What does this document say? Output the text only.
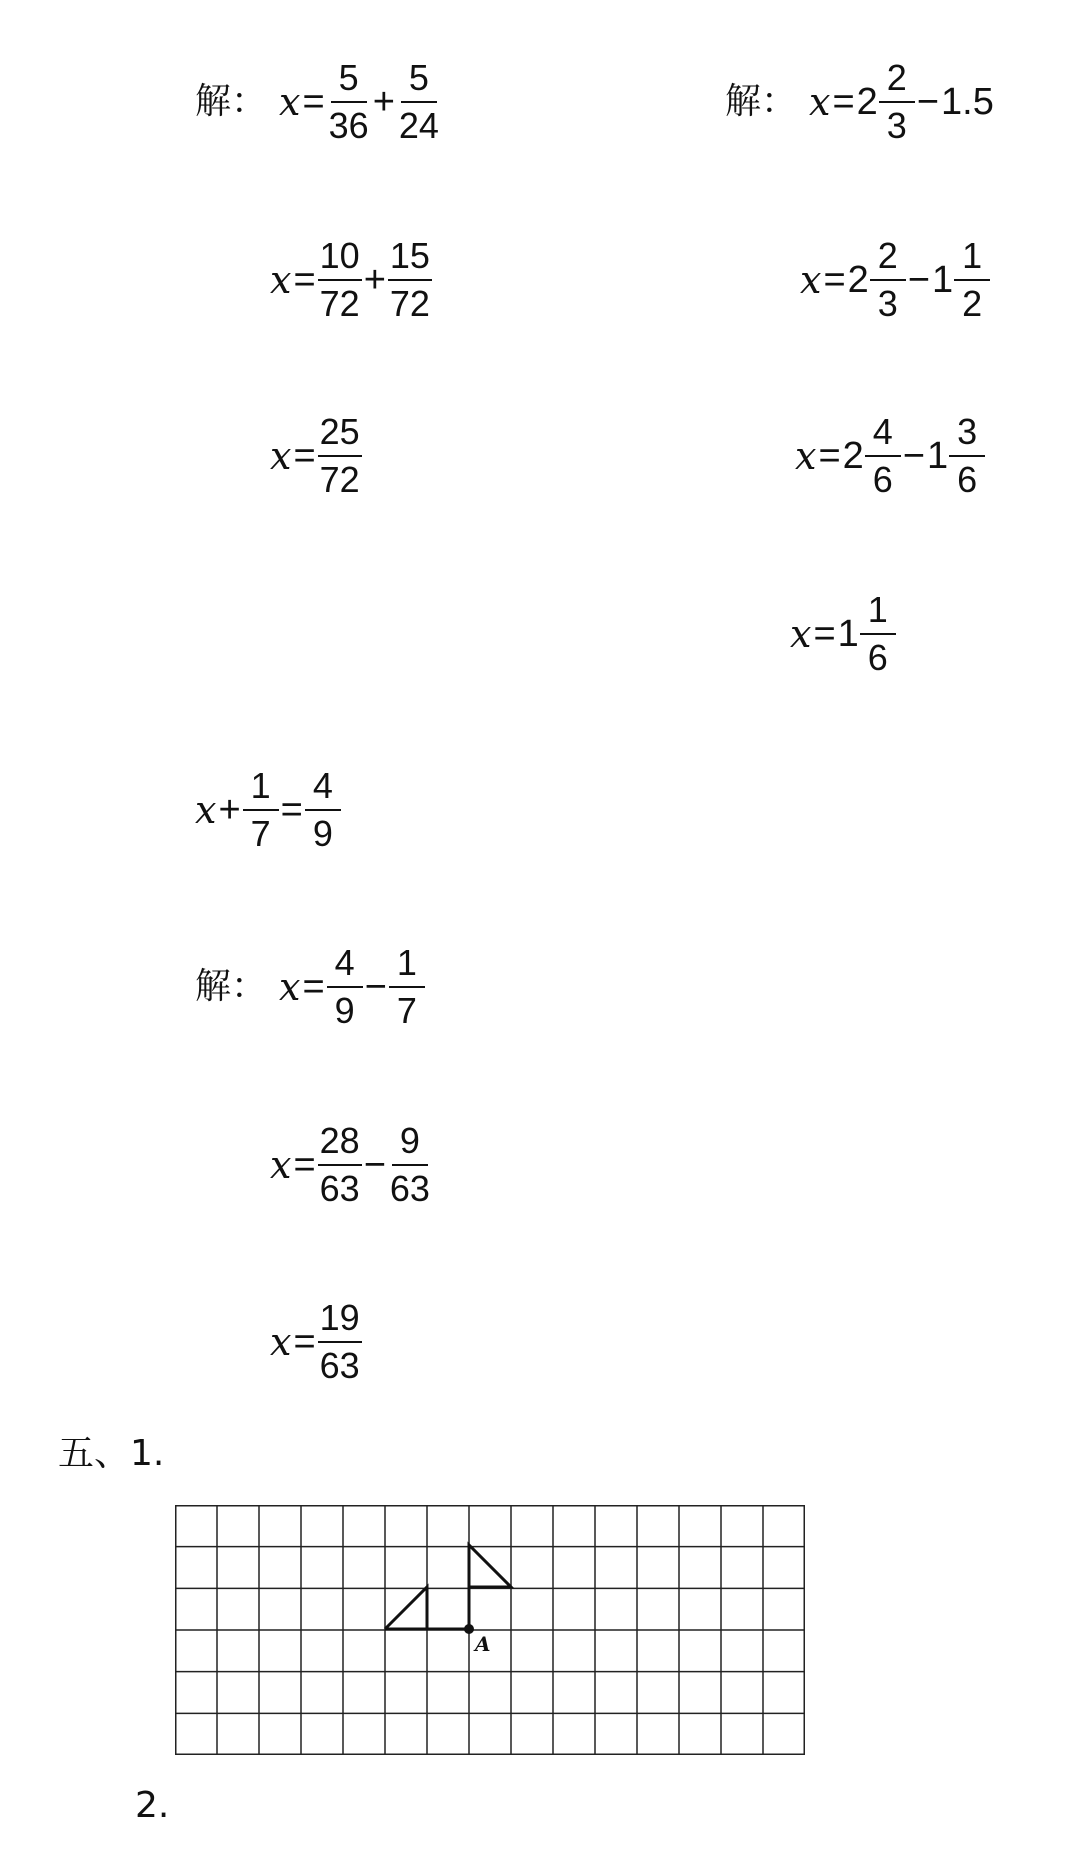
解： $x = \frac{5}{36} + \frac{5}{24}$
$x = \frac{10}{72} + \frac{15}{72}$
$x = \frac{25}{72}$
解： $x = 2 \frac{2}{3} - 1.5$
$x = 2 \frac{2}{3} - 1 \frac{1}{2}$
$x = 2 \frac{4}{6} - 1 \frac{3}{6}$
$x = 1 \frac{1}{6}$
$x + \frac{1}{7} = \frac{4}{9}$
解： $x = \frac{4}{9} - \frac{1}{7}$
$x = \frac{28}{63} - \frac{9}{63}$
$x = \frac{19}{63}$
五、1.
A
2.
